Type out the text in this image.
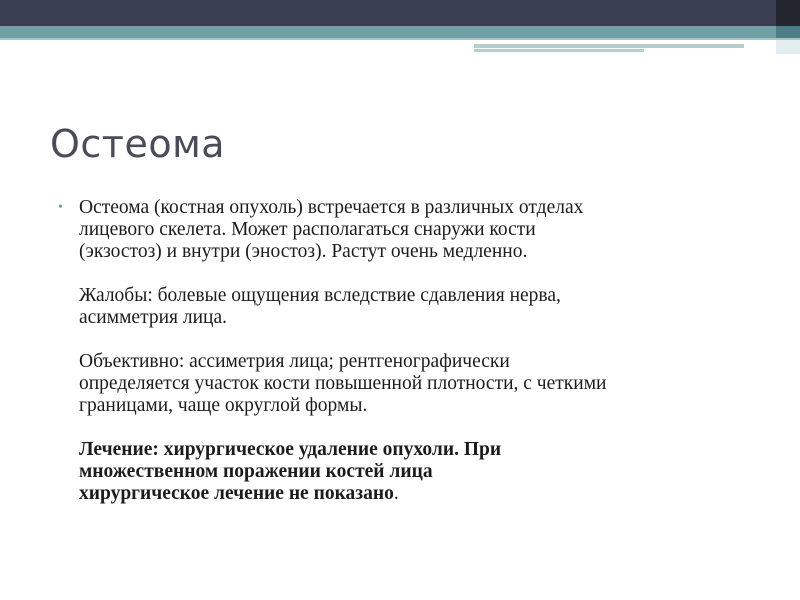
Остеома
• Остеома (костная опухоль) встречается в различных отделах
лицевого скелета. Может располагаться снаружи кости
(экзостоз) и внутри (эностоз). Растут очень медленно.

Жалобы: болевые ощущения вследствие сдавления нерва,
асимметрия лица.

Объективно: ассиметрия лица; рентгенографически
определяется участок кости повышенной плотности, с четкими
границами, чаще округлой формы.

Лечение: хирургическое удаление опухоли. При
множественном поражении костей лица
хирургическое лечение не показано.
